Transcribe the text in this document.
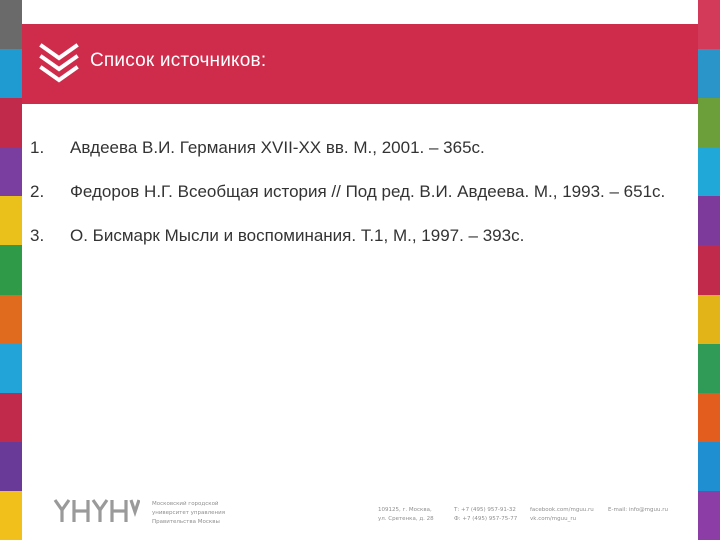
Список источников:
1.	Авдеева В.И. Германия XVII-XX вв. М., 2001. – 365с.
2.	Федоров Н.Г. Всеобщая история // Под ред. В.И. Авдеева. М., 1993. – 651с.
3.	О. Бисмарк Мысли и воспоминания. Т.1, М., 1997. – 393с.
Московский городской
университет управления
Правительства Москвы
109125, г. Москва,
ул. Сретенка, д. 28
Т: +7 (495) 957-91-32
Ф: +7 (495) 957-75-77
facebook.com/mguu.ru
vk.com/mguu_ru
E-mail: info@mguu.ru
